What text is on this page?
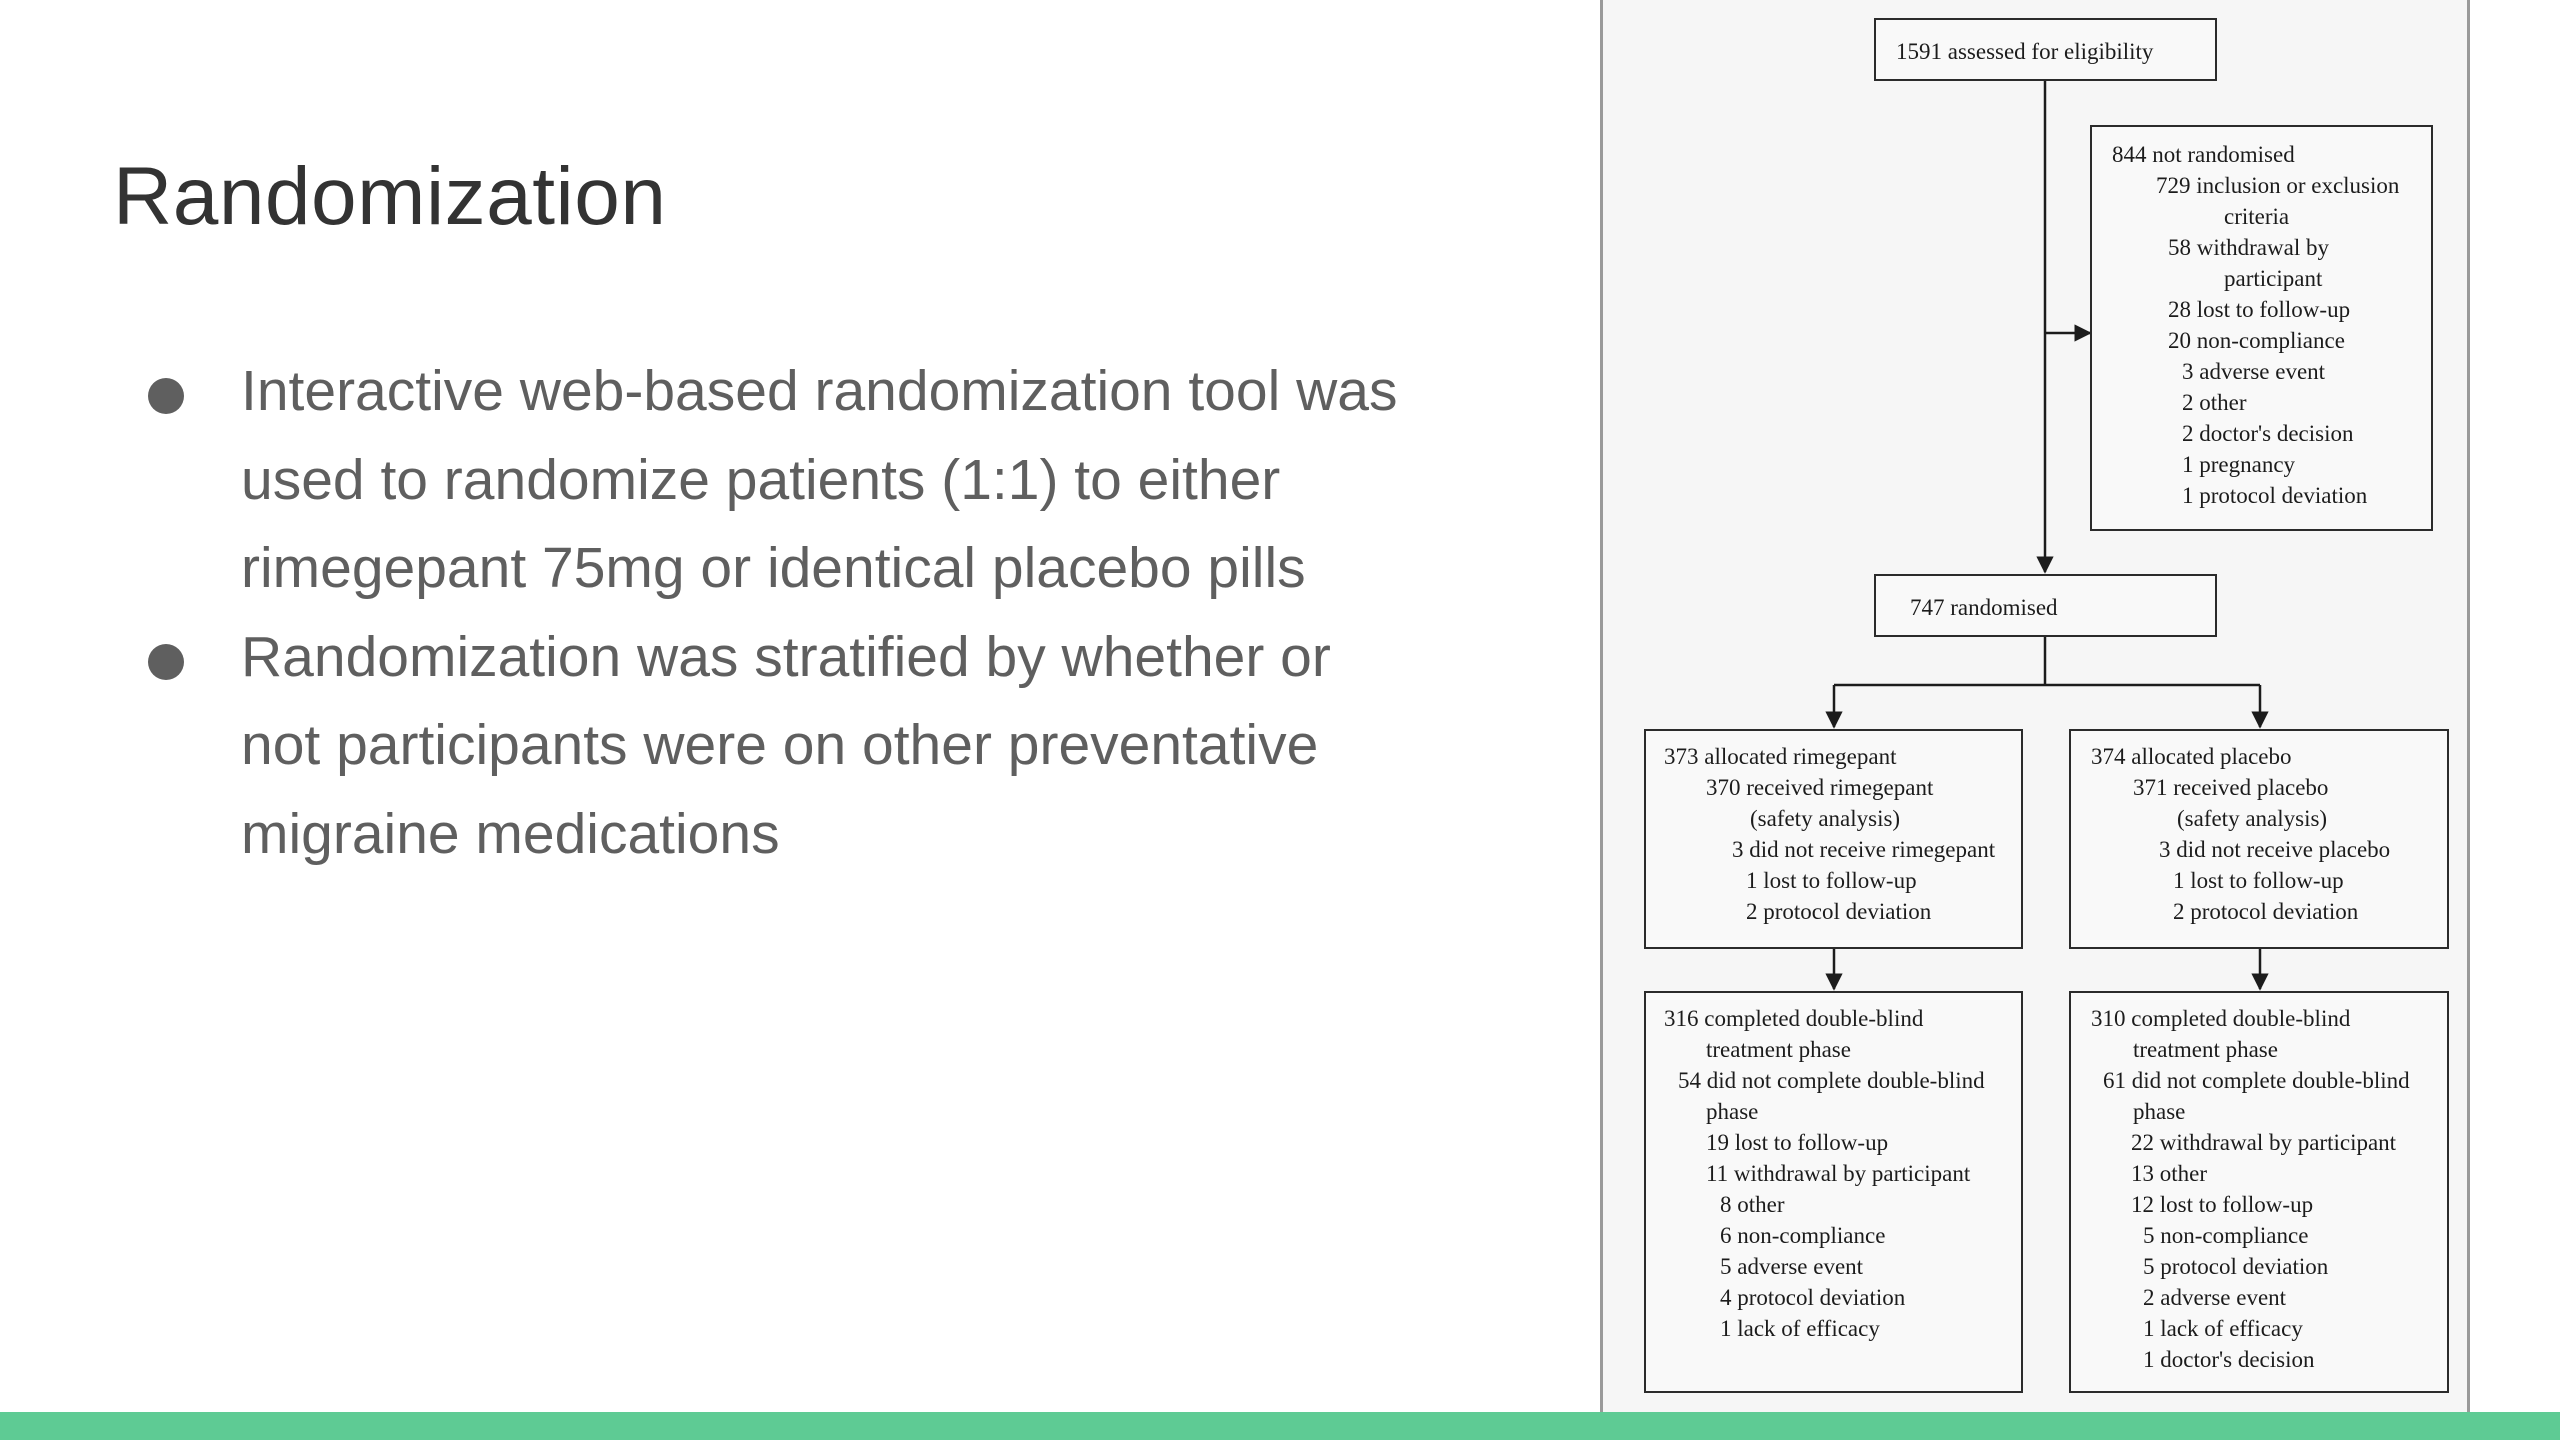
Randomization
Interactive web-based randomization tool was used to randomize patients (1:1) to either rimegepant 75mg or identical placebo pills
Randomization was stratified by whether or not participants were on other preventative migraine medications
1591 assessed for eligibility
844 not randomised
729 inclusion or exclusion
criteria
58 withdrawal by
participant
28 lost to follow-up
20 non-compliance
3 adverse event
2 other
2 doctor's decision
1 pregnancy
1 protocol deviation
747 randomised
373 allocated rimegepant
370 received rimegepant
(safety analysis)
3 did not receive rimegepant
1 lost to follow-up
2 protocol deviation
374 allocated placebo
371 received placebo
(safety analysis)
3 did not receive placebo
1 lost to follow-up
2 protocol deviation
316 completed double-blind
treatment phase
54 did not complete double-blind
phase
19 lost to follow-up
11 withdrawal by participant
8 other
6 non-compliance
5 adverse event
4 protocol deviation
1 lack of efficacy
310 completed double-blind
treatment phase
61 did not complete double-blind
phase
22 withdrawal by participant
13 other
12 lost to follow-up
5 non-compliance
5 protocol deviation
2 adverse event
1 lack of efficacy
1 doctor's decision
